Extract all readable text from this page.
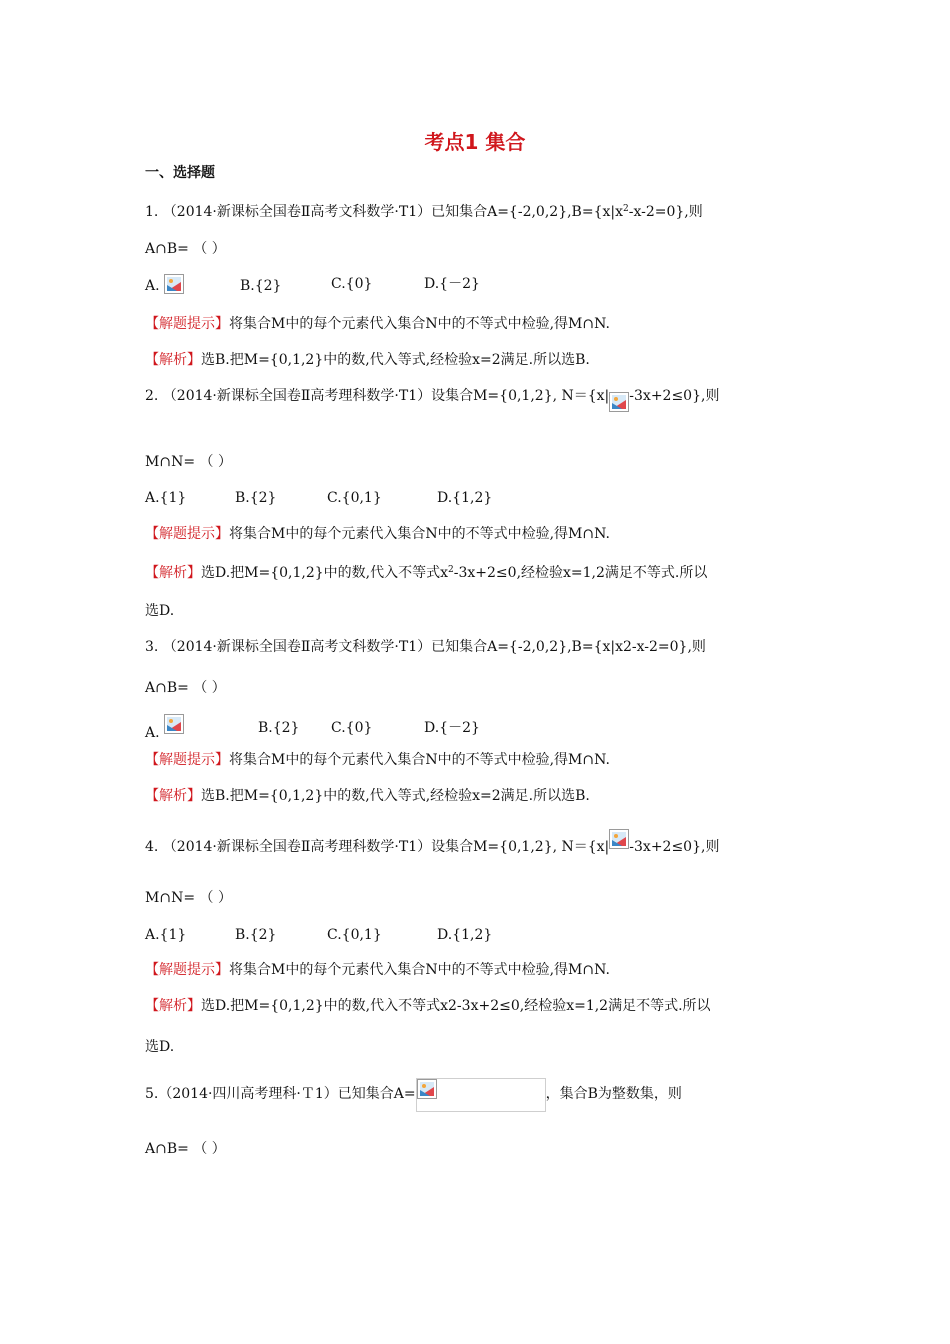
考点1 集合
一、选择题
1. （2014·新课标全国卷Ⅱ高考文科数学·T1）已知集合$A=\{-2,0,2\},B=\{x|x^2-x-2=0\}$,则
A∩B= （ ）
A.	B.{2}	C.{0}	D.{－2}
【解题提示】将集合M中的每个元素代入集合N中的不等式中检验,得M∩N.
【解析】选B.把M={0,1,2}中的数,代入等式,经检验x=2满足.所以选B.
2. （2014·新课标全国卷Ⅱ高考理科数学·T1）设集合M={0,1,2}, N＝{x| -3x+2≤0},则
M∩N= （ ）
A.{1}	B.{2}	C.{0,1}	D.{1,2}
【解题提示】将集合M中的每个元素代入集合N中的不等式中检验,得M∩N.
【解析】选D.把M={0,1,2}中的数,代入不等式$x^2-3x+2\le 0$,经检验x=1,2满足不等式.所以
选D.
3. （2014·新课标全国卷Ⅱ高考文科数学·T1）已知集合A={-2,0,2},B={x|x2-x-2=0},则
A∩B= （ ）
A.	B.{2} C.{0}	D.{－2}
【解题提示】将集合M中的每个元素代入集合N中的不等式中检验,得M∩N.
【解析】选B.把M={0,1,2}中的数,代入等式,经检验x=2满足.所以选B.
4. （2014·新课标全国卷Ⅱ高考理科数学·T1）设集合M={0,1,2}, N＝{x| -3x+2≤0},则
M∩N= （ ）
A.{1}	B.{2}	C.{0,1}	D.{1,2}
【解题提示】将集合M中的每个元素代入集合N中的不等式中检验,得M∩N.
【解析】选D.把M={0,1,2}中的数,代入不等式x2-3x+2≤0,经检验x=1,2满足不等式.所以
选D.
5.（2014·四川高考理科·Ｔ1）已知集合A=	，集合B为整数集，则
A∩B= （ ）
